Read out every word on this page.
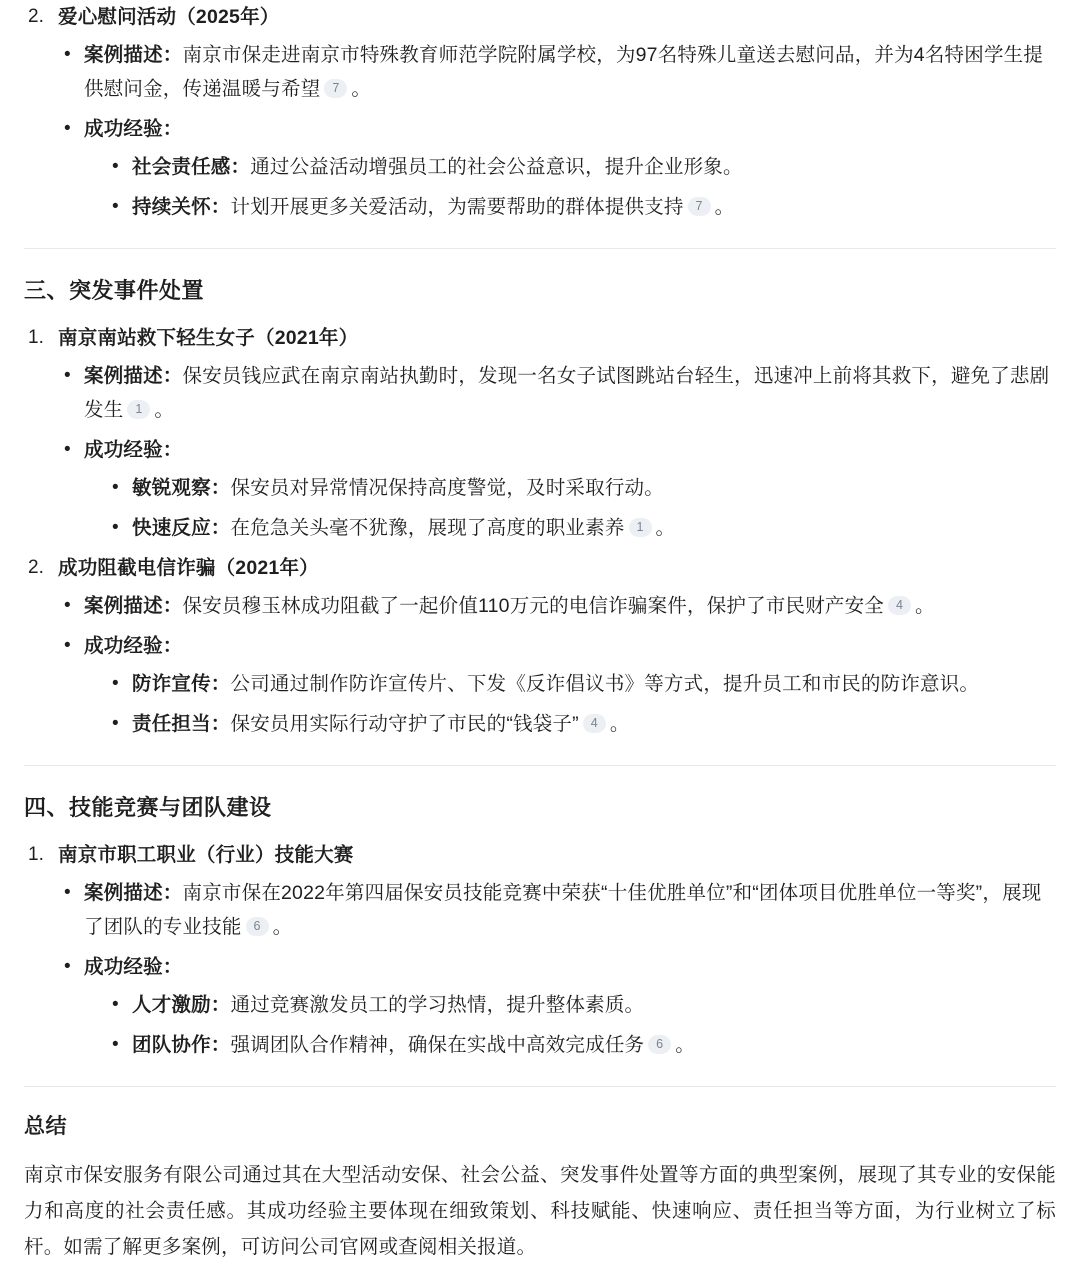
2. 爱心慰问活动（2025年）
• 案例描述：南京市保走进南京市特殊教育师范学院附属学校，为97名特殊儿童送去慰问品，并为4名特困学生提供慰问金，传递温暖与希望 7 。
• 成功经验：
• 社会责任感：通过公益活动增强员工的社会公益意识，提升企业形象。
• 持续关怀：计划开展更多关爱活动，为需要帮助的群体提供支持 7 。
三、突发事件处置
1. 南京南站救下轻生女子（2021年）
• 案例描述：保安员钱应武在南京南站执勤时，发现一名女子试图跳站台轻生，迅速冲上前将其救下，避免了悲剧发生 1 。
• 成功经验：
• 敏锐观察：保安员对异常情况保持高度警觉，及时采取行动。
• 快速反应：在危急关头毫不犹豫，展现了高度的职业素养 1 。
2. 成功阻截电信诈骗（2021年）
• 案例描述：保安员穆玉林成功阻截了一起价值110万元的电信诈骗案件，保护了市民财产安全 4 。
• 成功经验：
• 防诈宣传：公司通过制作防诈宣传片、下发《反诈倡议书》等方式，提升员工和市民的防诈意识。
• 责任担当：保安员用实际行动守护了市民的“钱袋子” 4 。
四、技能竞赛与团队建设
1. 南京市职工职业（行业）技能大赛
• 案例描述：南京市保在2022年第四届保安员技能竞赛中荣获“十佳优胜单位”和“团体项目优胜单位一等奖”，展现了团队的专业技能 6 。
• 成功经验：
• 人才激励：通过竞赛激发员工的学习热情，提升整体素质。
• 团队协作：强调团队合作精神，确保在实战中高效完成任务 6 。
总结

南京市保安服务有限公司通过其在大型活动安保、社会公益、突发事件处置等方面的典型案例，展现了其专业的安保能力和高度的社会责任感。其成功经验主要体现在细致策划、科技赋能、快速响应、责任担当等方面，为行业树立了标杆。如需了解更多案例，可访问公司官网或查阅相关报道。
